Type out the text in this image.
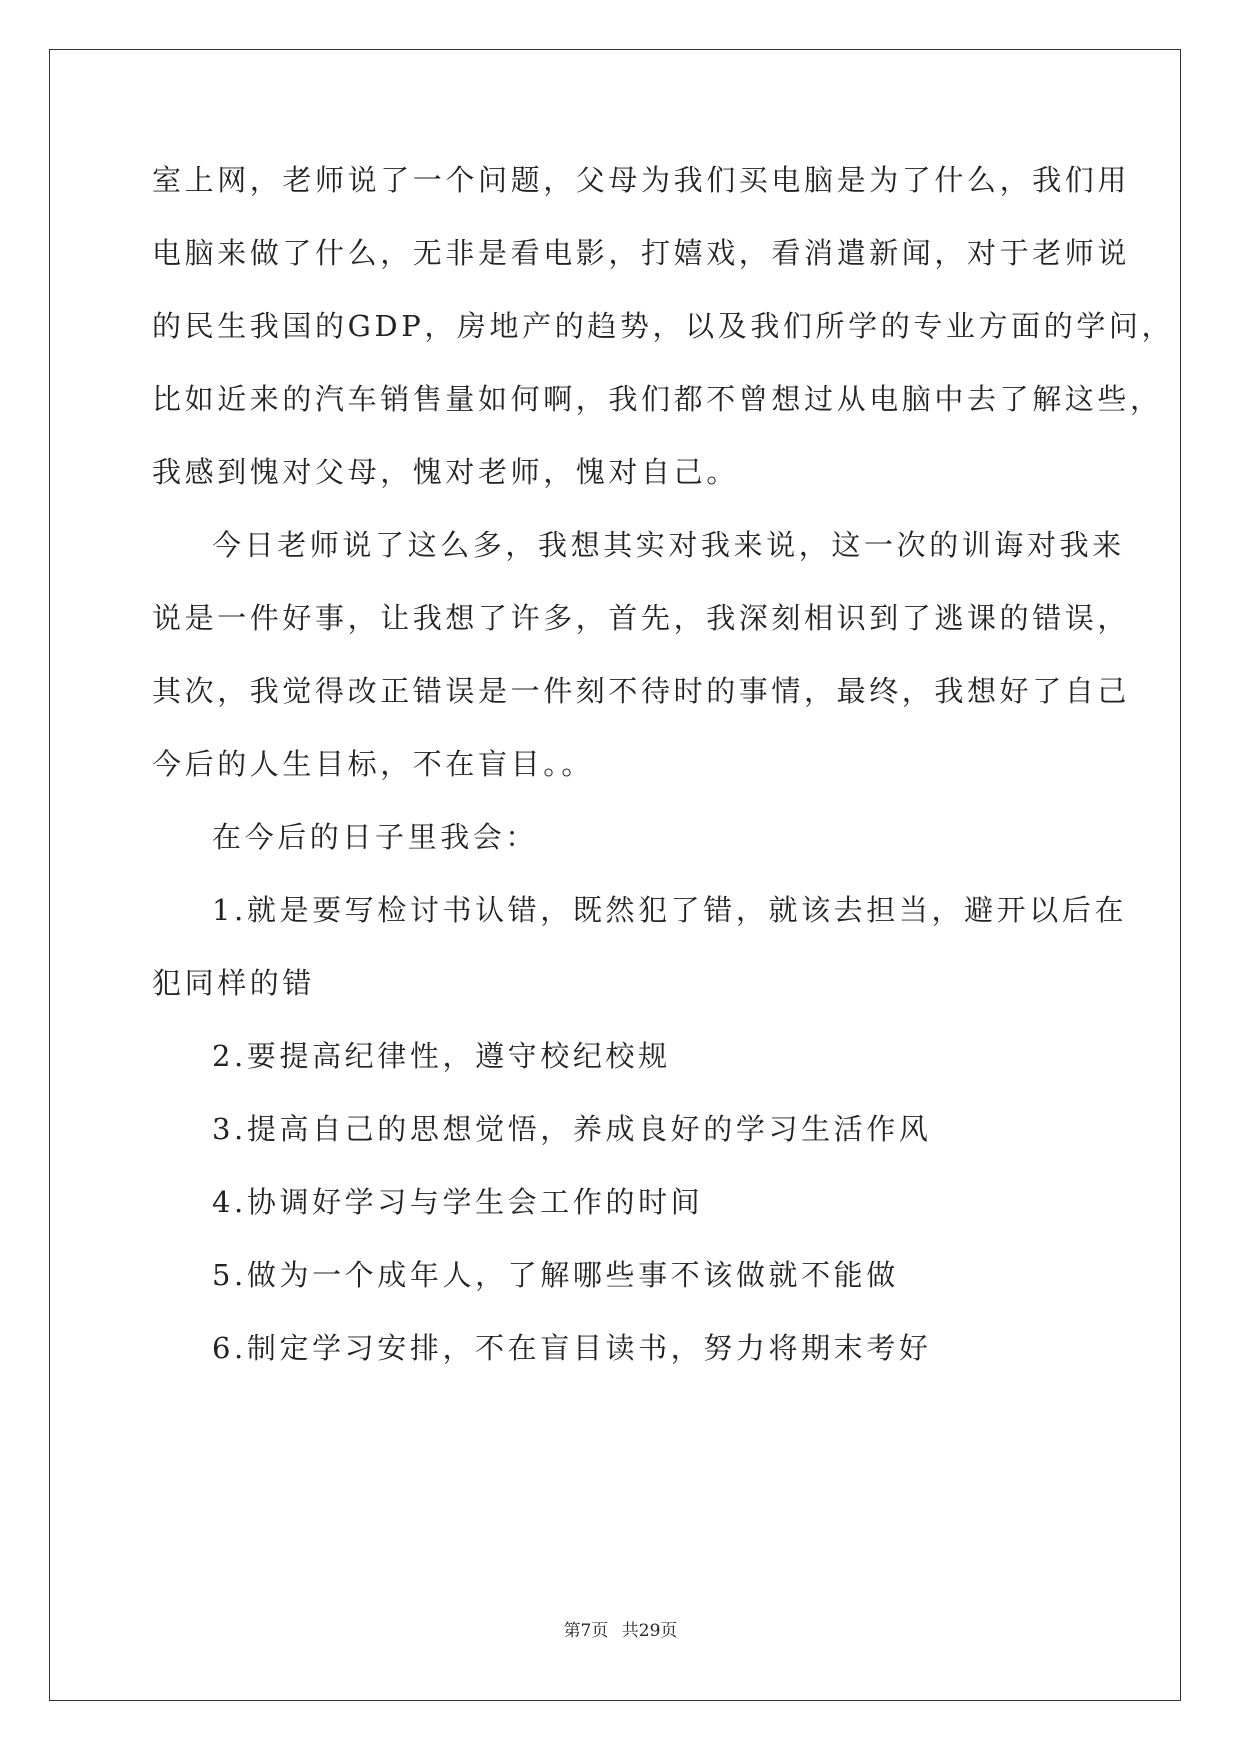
室上网，老师说了一个问题，父母为我们买电脑是为了什么，我们用
电脑来做了什么，无非是看电影，打嬉戏，看消遣新闻，对于老师说
的民生我国的GDP，房地产的趋势，以及我们所学的专业方面的学问，
比如近来的汽车销售量如何啊，我们都不曾想过从电脑中去了解这些，
我感到愧对父母，愧对老师，愧对自己。
今日老师说了这么多，我想其实对我来说，这一次的训诲对我来
说是一件好事，让我想了许多，首先，我深刻相识到了逃课的错误，
其次，我觉得改正错误是一件刻不待时的事情，最终，我想好了自己
今后的人生目标，不在盲目。。
在今后的日子里我会：
1.就是要写检讨书认错，既然犯了错，就该去担当，避开以后在
犯同样的错
2.要提高纪律性，遵守校纪校规
3.提高自己的思想觉悟，养成良好的学习生活作风
4.协调好学习与学生会工作的时间
5.做为一个成年人，了解哪些事不该做就不能做
6.制定学习安排，不在盲目读书，努力将期末考好
第7页 共29页
